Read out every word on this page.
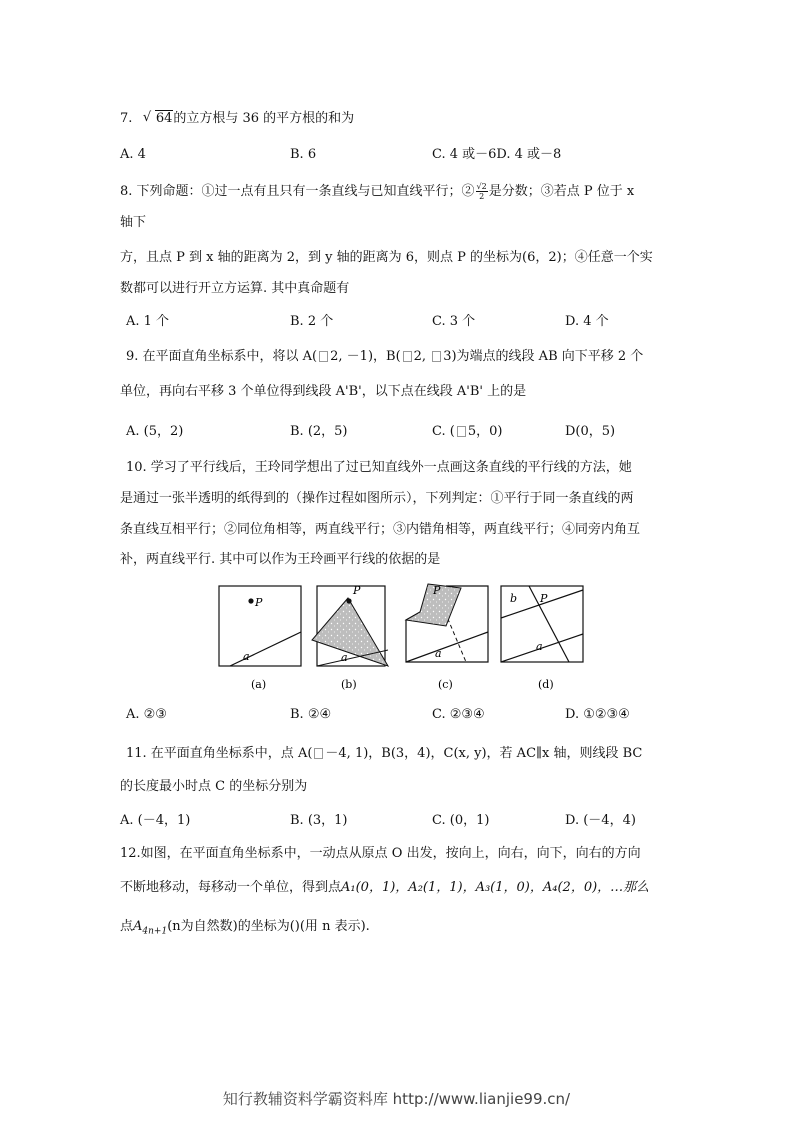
7.   √ 64的立方根与 36 的平方根的和为
A. 4	B. 6	C. 4 或－6D. 4 或－8
8. 下列命题：①过一点有且只有一条直线与已知直线平行；② $\frac{√2}{2}$ 是分数；③若点 P 位于 x
轴下
方，且点 P 到 x 轴的距离为 2，到 y 轴的距离为 6，则点 P 的坐标为(6，2)；④任意一个实
数都可以进行开立方运算. 其中真命题有
A. 1 个	B. 2 个	C. 3 个	D. 4 个
9. 在平面直角坐标系中，将以 A( 2, －1)，B( 2, 3)为端点的线段 AB 向下平移 2 个
单位，再向右平移 3 个单位得到线段 A'B'，以下点在线段 A'B' 上的是
A. (5，2)	B. (2，5)	C. ( 5，0)	D(0，5)
10. 学习了平行线后，王玲同学想出了过已知直线外一点画这条直线的平行线的方法，她
是通过一张半透明的纸得到的（操作过程如图所示），下列判定：①平行于同一条直线的两
条直线互相平行；②同位角相等，两直线平行；③内错角相等，两直线平行；④同旁内角互
补，两直线平行. 其中可以作为王玲画平行线的依据的是
P
a
(a)
P
a
(b)
P
a
(c)
b P
a
(d)
A. ②③	B. ②④	C. ②③④	D. ①②③④
11. 在平面直角坐标系中，点 A( －4, 1)，B(3，4)，C(x, y)，若 AC∥x 轴，则线段 BC
的长度最小时点 C 的坐标分别为
A. (－4，1)	B. (3，1)	C. (0，1)	D. (－4，4)
12.如图，在平面直角坐标系中，一动点从原点 O 出发，按向上，向右，向下，向右的方向
不断地移动，每移动一个单位，得到点A₁(0，1)，A₂(1，1)，A₃(1，0)，A₄(2，0)，…那么
点$A_{4n+1}(n$为自然数)的坐标为()(用 n 表示).
知行教辅资料学霸资料库 http://www.lianjie99.cn/
